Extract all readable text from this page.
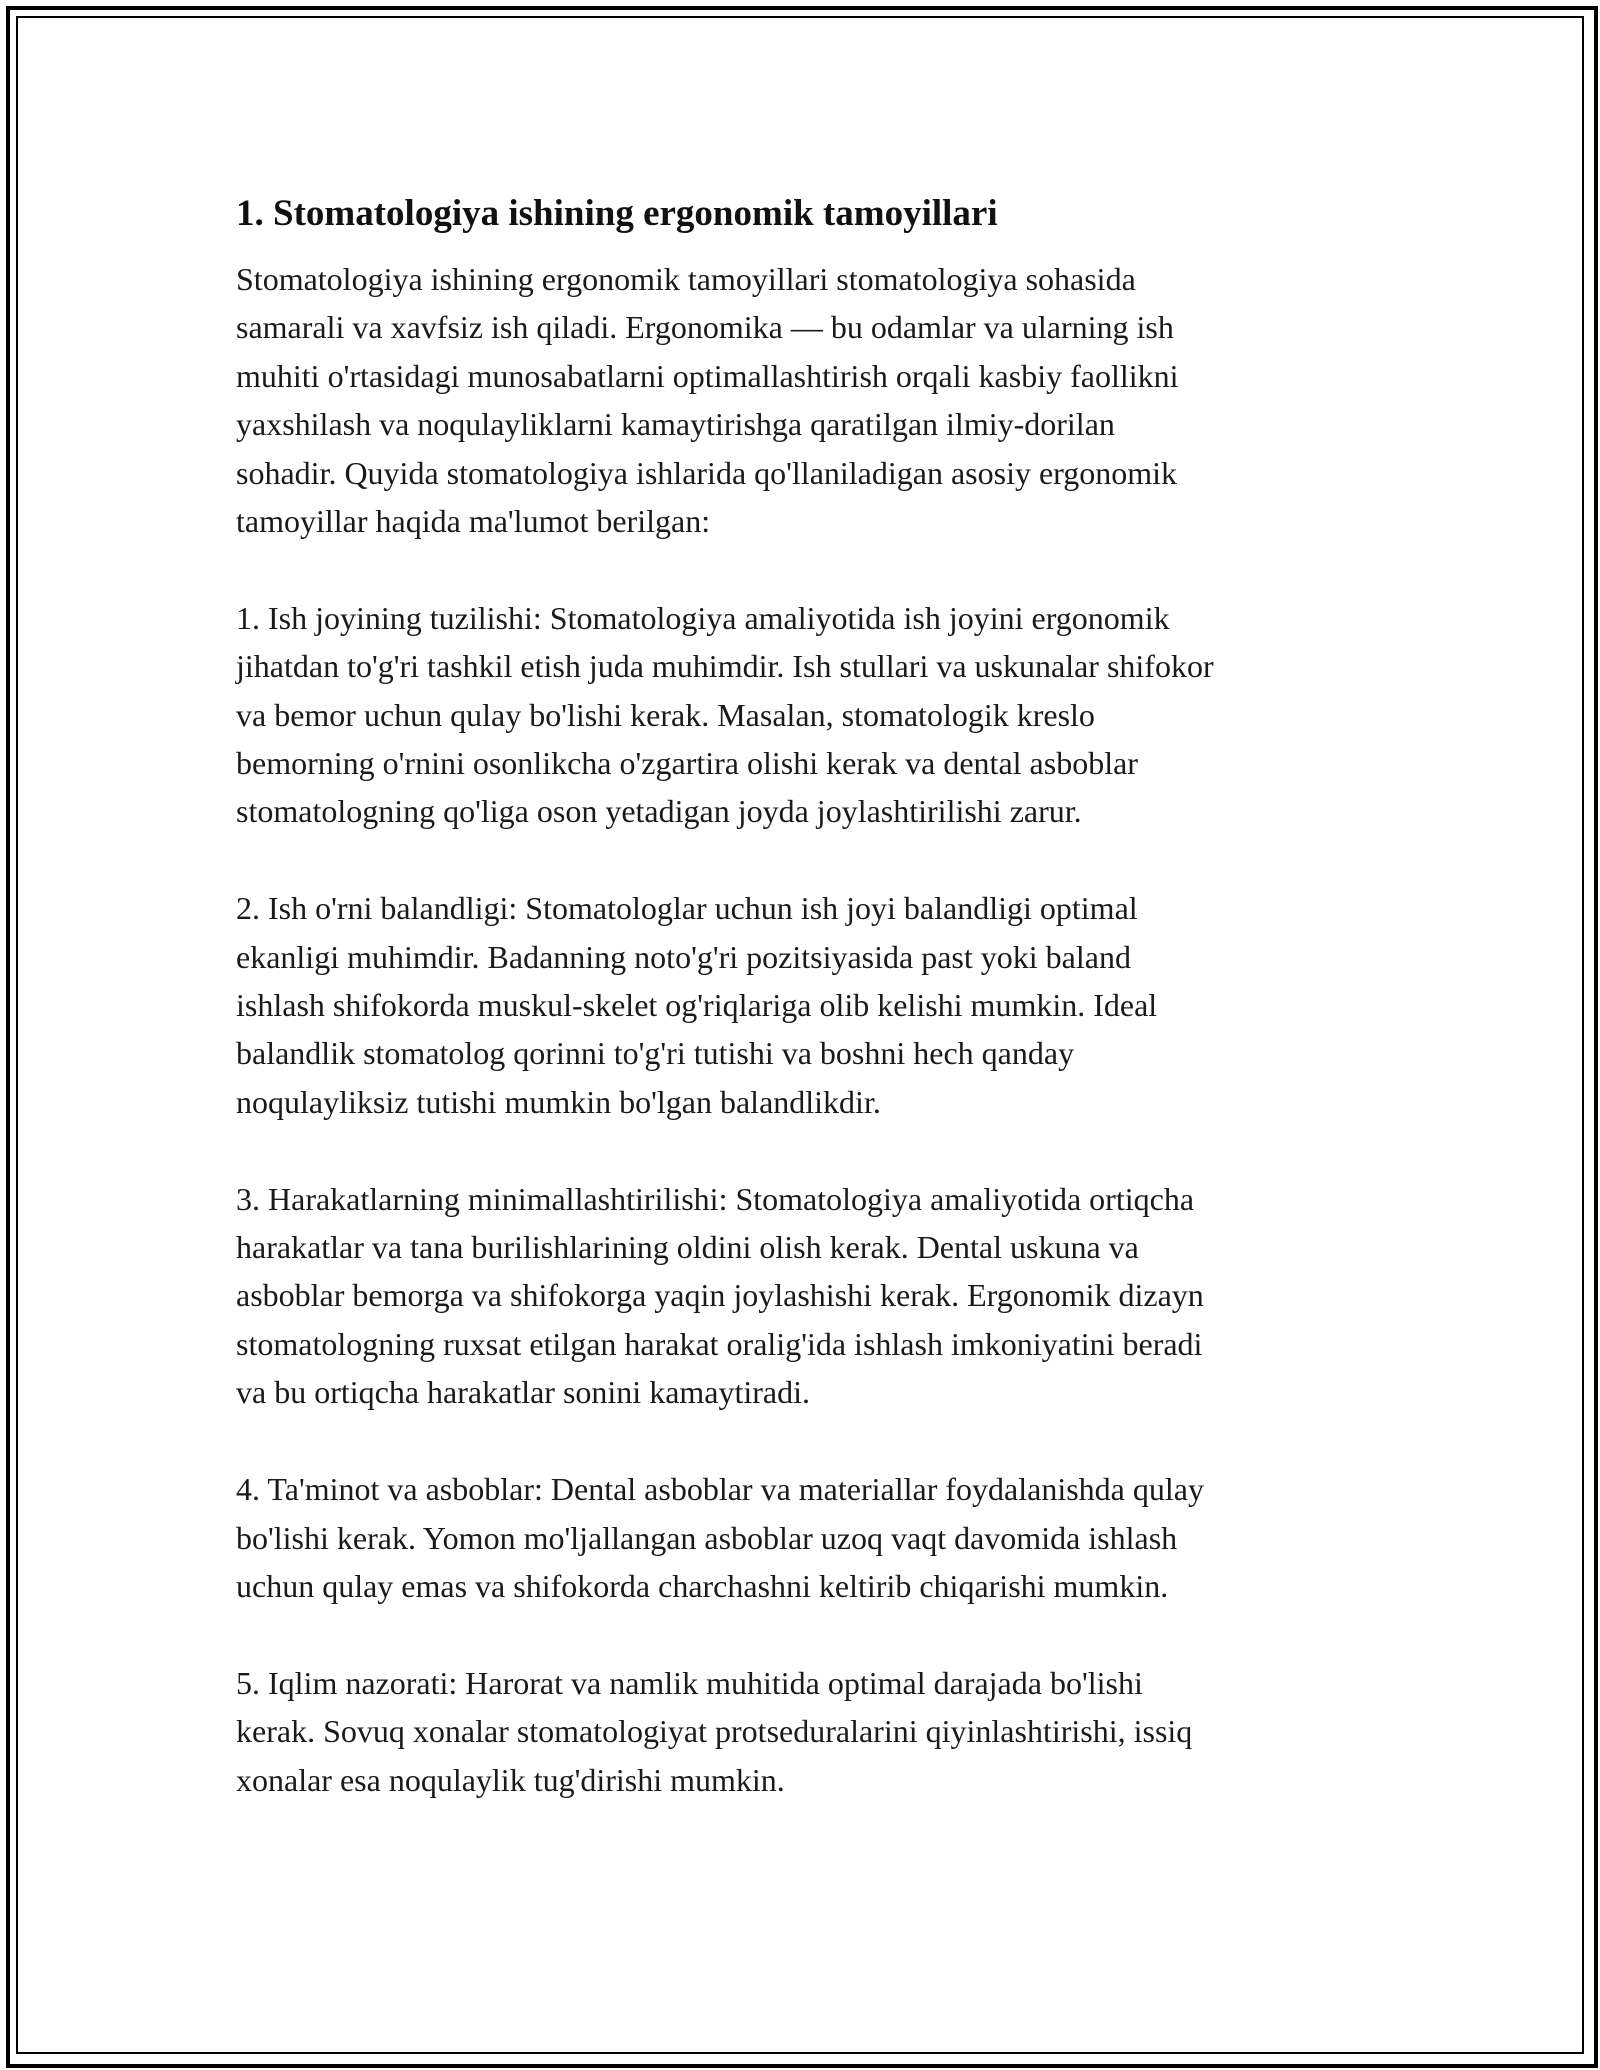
1. Stomatologiya ishining ergonomik tamoyillari

Stomatologiya ishining ergonomik tamoyillari stomatologiya sohasida
samarali va xavfsiz ish qiladi. Ergonomika — bu odamlar va ularning ish
muhiti o'rtasidagi munosabatlarni optimallashtirish orqali kasbiy faollikni
yaxshilash va noqulayliklarni kamaytirishga qaratilgan ilmiy-dorilan
sohadir. Quyida stomatologiya ishlarida qo'llaniladigan asosiy ergonomik
tamoyillar haqida ma'lumot berilgan:

1. Ish joyining tuzilishi: Stomatologiya amaliyotida ish joyini ergonomik
jihatdan to'g'ri tashkil etish juda muhimdir. Ish stullari va uskunalar shifokor
va bemor uchun qulay bo'lishi kerak. Masalan, stomatologik kreslo
bemorning o'rnini osonlikcha o'zgartira olishi kerak va dental asboblar
stomatologning qo'liga oson yetadigan joyda joylashtirilishi zarur.

2. Ish o'rni balandligi: Stomatologlar uchun ish joyi balandligi optimal
ekanligi muhimdir. Badanning noto'g'ri pozitsiyasida past yoki baland
ishlash shifokorda muskul-skelet og'riqlariga olib kelishi mumkin. Ideal
balandlik stomatolog qorinni to'g'ri tutishi va boshni hech qanday
noqulayliksiz tutishi mumkin bo'lgan balandlikdir.

3. Harakatlarning minimallashtirilishi: Stomatologiya amaliyotida ortiqcha
harakatlar va tana burilishlarining oldini olish kerak. Dental uskuna va
asboblar bemorga va shifokorga yaqin joylashishi kerak. Ergonomik dizayn
stomatologning ruxsat etilgan harakat oralig'ida ishlash imkoniyatini beradi
va bu ortiqcha harakatlar sonini kamaytiradi.

4. Ta'minot va asboblar: Dental asboblar va materiallar foydalanishda qulay
bo'lishi kerak. Yomon mo'ljallangan asboblar uzoq vaqt davomida ishlash
uchun qulay emas va shifokorda charchashni keltirib chiqarishi mumkin.

5. Iqlim nazorati: Harorat va namlik muhitida optimal darajada bo'lishi
kerak. Sovuq xonalar stomatologiyat protseduralarini qiyinlashtirishi, issiq
xonalar esa noqulaylik tug'dirishi mumkin.
